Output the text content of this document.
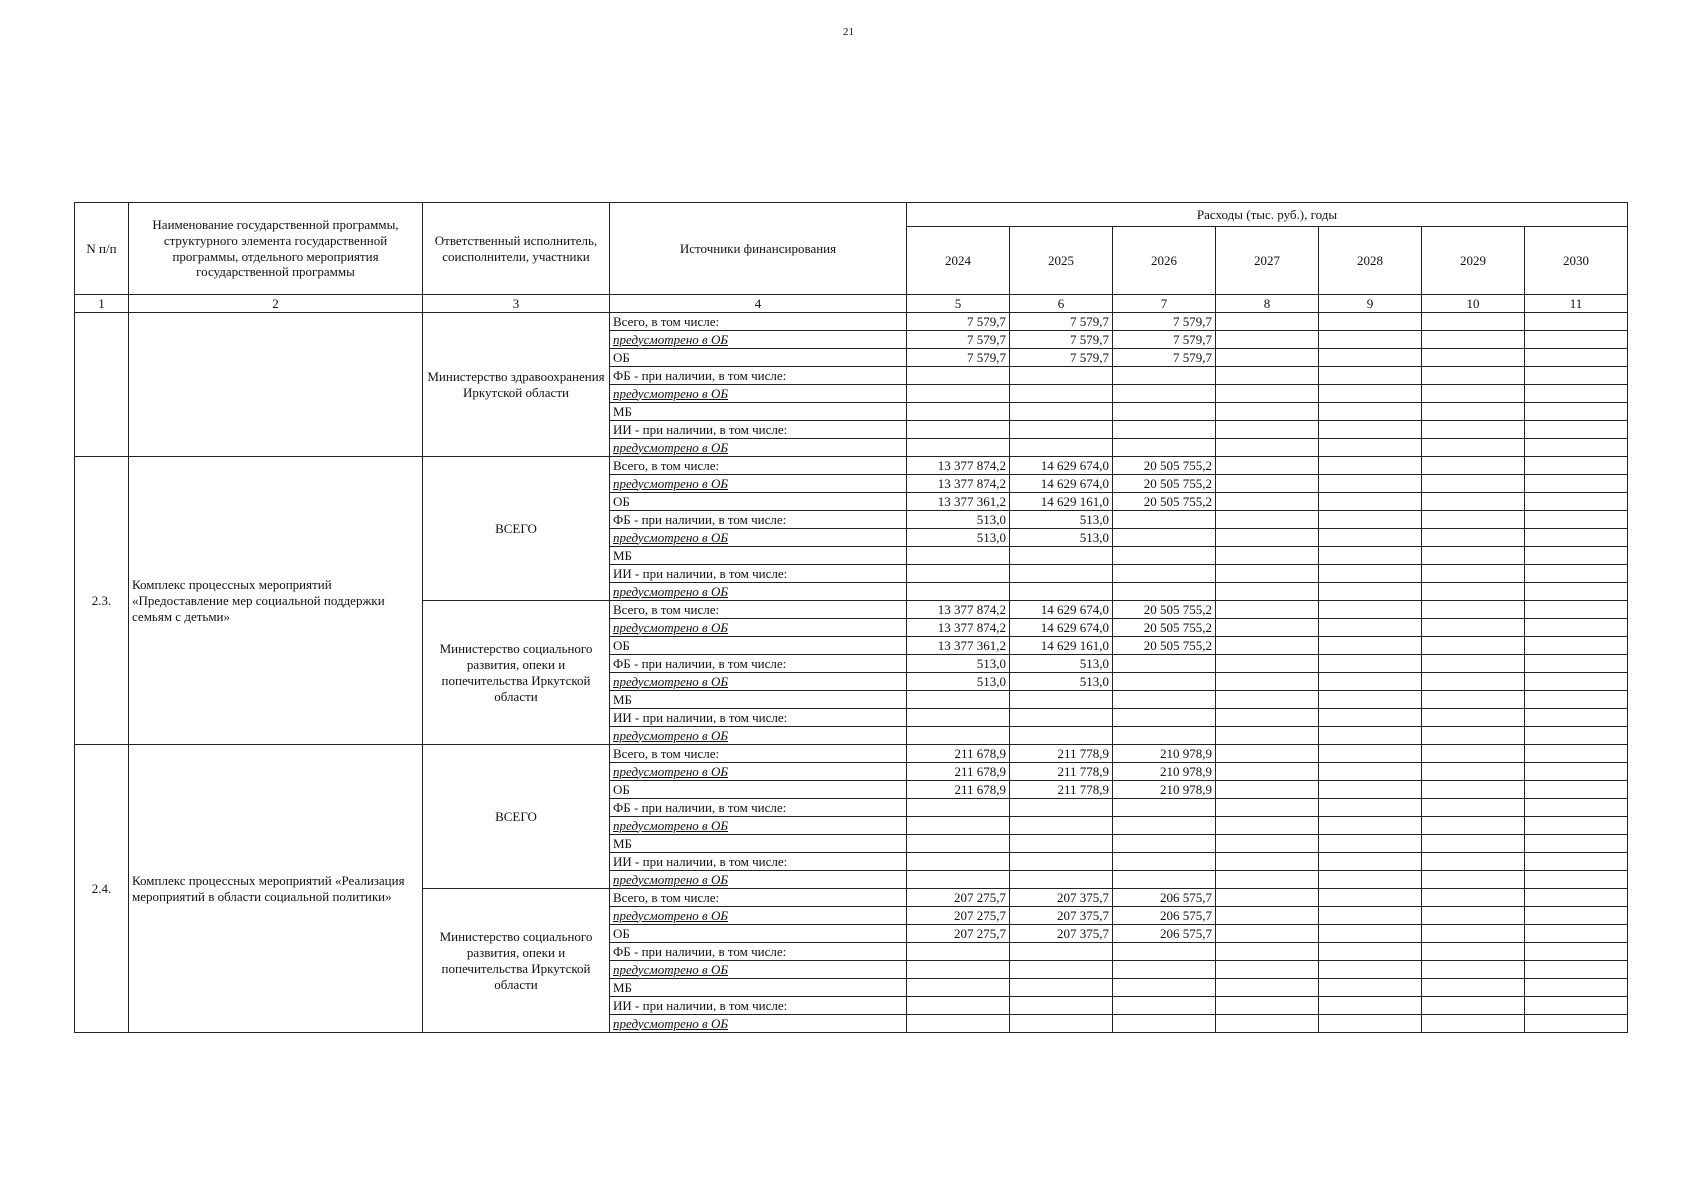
21
N п/п	Наименование государственной программы, структурного элемента государственной программы, отдельного мероприятия государственной программы	Ответственный исполнитель, соисполнители, участники	Источники финансирования	Расходы (тыс. руб.), годы						
				2024	2025	2026	2027	2028	2029	2030
1	2	3	4	5	6	7	8	9	10	11
		Министерство здравоохранения Иркутской области	Всего, в том числе:	7 579,7	7 579,7	7 579,7				
			предусмотрено в ОБ	7 579,7	7 579,7	7 579,7				
			ОБ	7 579,7	7 579,7	7 579,7				
			ФБ - при наличии, в том числе:							
			предусмотрено в ОБ							
			МБ							
			ИИ - при наличии, в том числе:							
			предусмотрено в ОБ							
2.3.	Комплекс процессных мероприятий «Предоставление мер социальной поддержки семьям с детьми»	ВСЕГО	Всего, в том числе:	13 377 874,2	14 629 674,0	20 505 755,2				
			предусмотрено в ОБ	13 377 874,2	14 629 674,0	20 505 755,2				
			ОБ	13 377 361,2	14 629 161,0	20 505 755,2				
			ФБ - при наличии, в том числе:	513,0	513,0					
			предусмотрено в ОБ	513,0	513,0					
			МБ							
			ИИ - при наличии, в том числе:							
			предусмотрено в ОБ							
		Министерство социального развития, опеки и попечительства Иркутской области	Всего, в том числе:	13 377 874,2	14 629 674,0	20 505 755,2				
			предусмотрено в ОБ	13 377 874,2	14 629 674,0	20 505 755,2				
			ОБ	13 377 361,2	14 629 161,0	20 505 755,2				
			ФБ - при наличии, в том числе:	513,0	513,0					
			предусмотрено в ОБ	513,0	513,0					
			МБ							
			ИИ - при наличии, в том числе:							
			предусмотрено в ОБ							
2.4.	Комплекс процессных мероприятий «Реализация мероприятий в области социальной политики»	ВСЕГО	Всего, в том числе:	211 678,9	211 778,9	210 978,9				
			предусмотрено в ОБ	211 678,9	211 778,9	210 978,9				
			ОБ	211 678,9	211 778,9	210 978,9				
			ФБ - при наличии, в том числе:							
			предусмотрено в ОБ							
			МБ							
			ИИ - при наличии, в том числе:							
			предусмотрено в ОБ							
		Министерство социального развития, опеки и попечительства Иркутской области	Всего, в том числе:	207 275,7	207 375,7	206 575,7				
			предусмотрено в ОБ	207 275,7	207 375,7	206 575,7				
			ОБ	207 275,7	207 375,7	206 575,7				
			ФБ - при наличии, в том числе:							
			предусмотрено в ОБ							
			МБ							
			ИИ - при наличии, в том числе:							
			предусмотрено в ОБ							
